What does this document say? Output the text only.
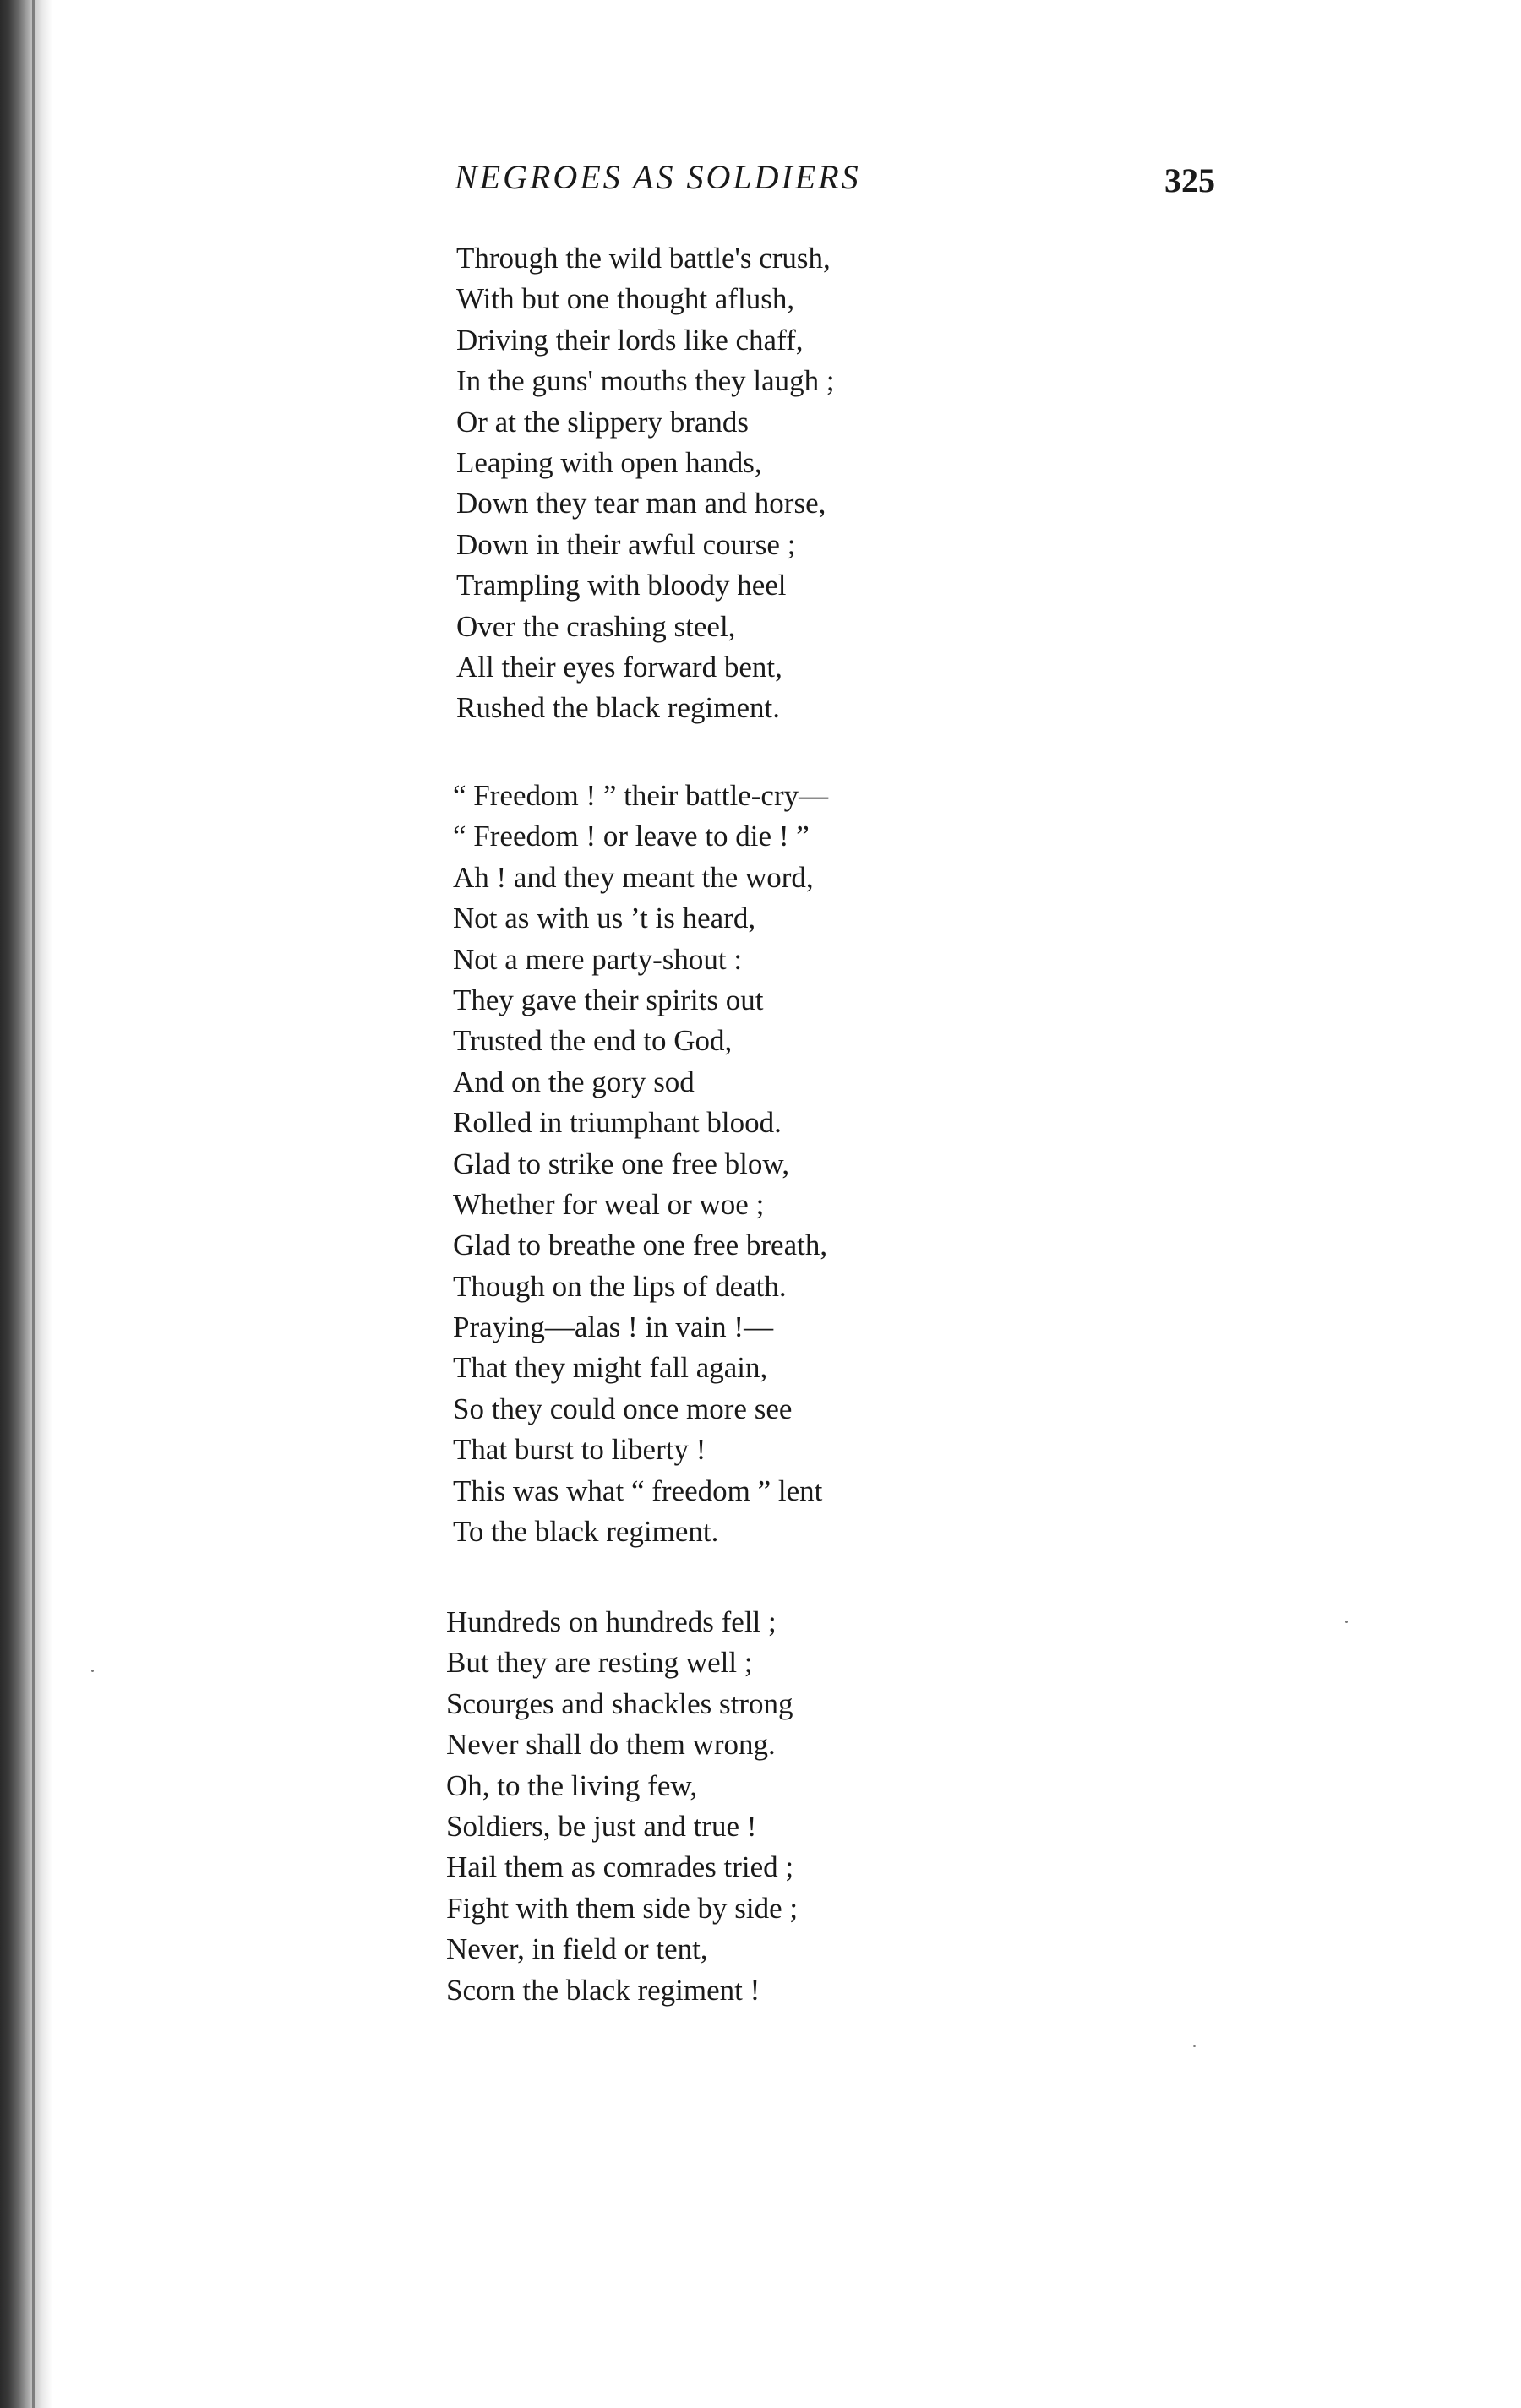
NEGROES AS SOLDIERS	325
Through the wild battle's crush,
With but one thought aflush,
Driving their lords like chaff,
In the guns' mouths they laugh ;
Or at the slippery brands
Leaping with open hands,
Down they tear man and horse,
Down in their awful course ;
Trampling with bloody heel
Over the crashing steel,
All their eyes forward bent,
Rushed the black regiment.
“ Freedom ! ” their battle-cry—
“ Freedom ! or leave to die ! ”
Ah ! and they meant the word,
Not as with us ’t is heard,
Not a mere party-shout :
They gave their spirits out
Trusted the end to God,
And on the gory sod
Rolled in triumphant blood.
Glad to strike one free blow,
Whether for weal or woe ;
Glad to breathe one free breath,
Though on the lips of death.
Praying—alas ! in vain !—
That they might fall again,
So they could once more see
That burst to liberty !
This was what “ freedom ” lent
To the black regiment.
Hundreds on hundreds fell ;
But they are resting well ;
Scourges and shackles strong
Never shall do them wrong.
Oh, to the living few,
Soldiers, be just and true !
Hail them as comrades tried ;
Fight with them side by side ;
Never, in field or tent,
Scorn the black regiment !
